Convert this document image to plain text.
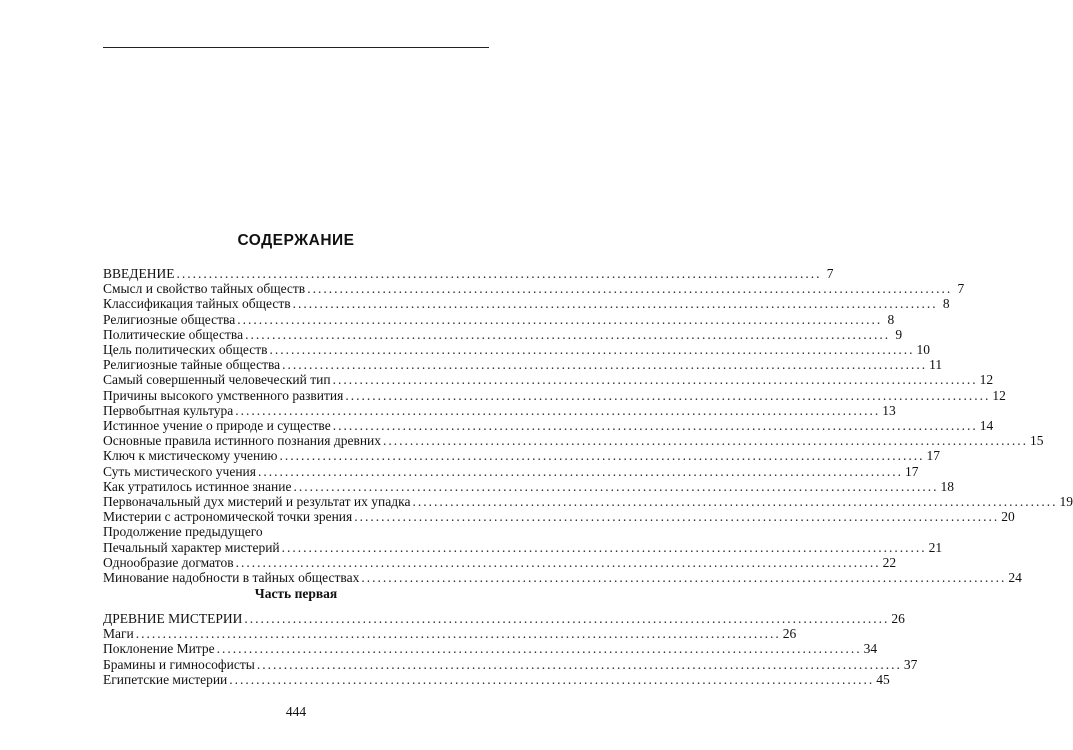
СОДЕРЖАНИЕ
ВВЕДЕНИЕ ........................................................................................................................ 7
Смысл и свойство тайных обществ ........................................................................................................................ 7
Классификация тайных обществ ........................................................................................................................ 8
Религиозные общества ........................................................................................................................ 8
Политические общества ........................................................................................................................ 9
Цель политических обществ ........................................................................................................................ 10
Религиозные тайные общества ........................................................................................................................ 11
Самый совершенный человеческий тип ........................................................................................................................ 12
Причины высокого умственного развития ........................................................................................................................ 12
Первобытная культура ........................................................................................................................ 13
Истинное учение о природе и существе ........................................................................................................................ 14
Основные правила истинного познания древних ........................................................................................................................ 15
Ключ к мистическому учению ........................................................................................................................ 17
Суть мистического учения ........................................................................................................................ 17
Как утратилось истинное знание ........................................................................................................................ 18
Первоначальный дух мистерий и результат их упадка ........................................................................................................................ 19
Мистерии с астрономической точки зрения ........................................................................................................................ 20
Продолжение предыдущего
Печальный характер мистерий ........................................................................................................................ 21
Однообразие догматов ........................................................................................................................ 22
Минование надобности в тайных обществах ........................................................................................................................ 24
Часть первая
ДРЕВНИЕ МИСТЕРИИ ........................................................................................................................ 26
Маги ........................................................................................................................ 26
Поклонение Митре ........................................................................................................................ 34
Брамины и гимнософисты ........................................................................................................................ 37
Египетские мистерии ........................................................................................................................ 45
444
